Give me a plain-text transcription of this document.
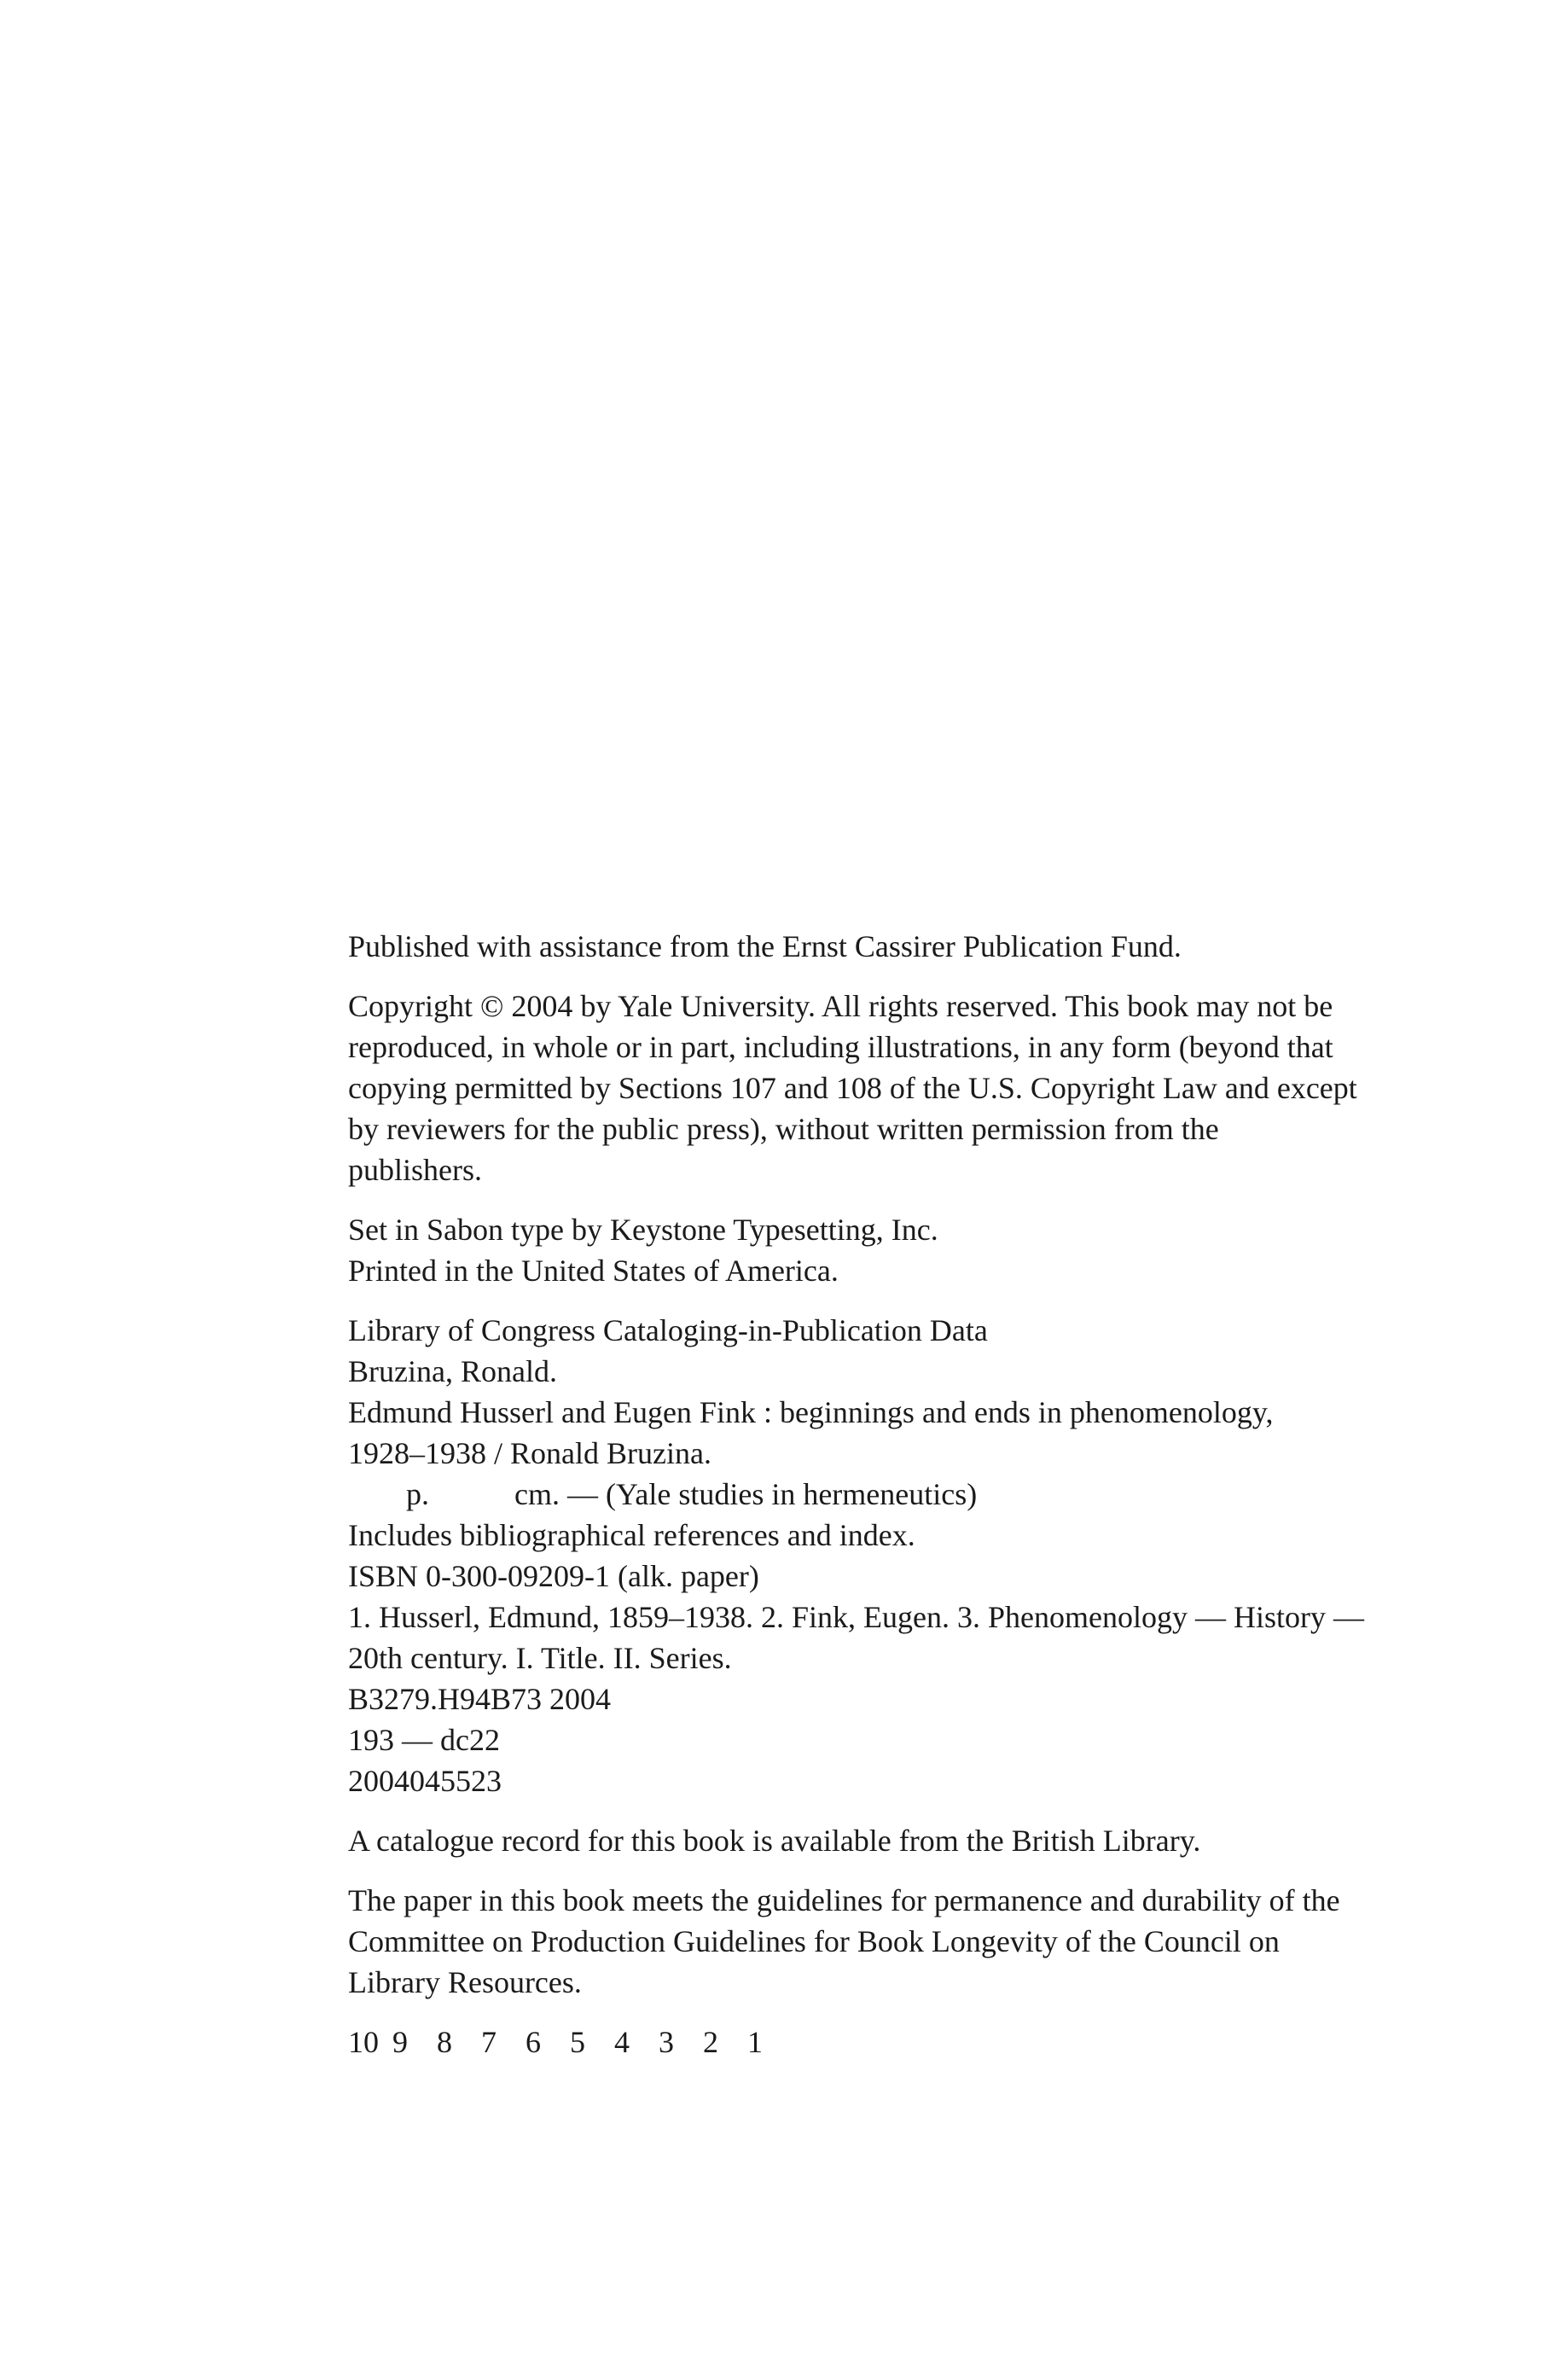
Published with assistance from the Ernst Cassirer Publication Fund.

Copyright © 2004 by Yale University. All rights reserved. This book may not be
reproduced, in whole or in part, including illustrations, in any form (beyond that
copying permitted by Sections 107 and 108 of the U.S. Copyright Law and except
by reviewers for the public press), without written permission from the
publishers.

Set in Sabon type by Keystone Typesetting, Inc.
Printed in the United States of America.

Library of Congress Cataloging-in-Publication Data
Bruzina, Ronald.
Edmund Husserl and Eugen Fink : beginnings and ends in phenomenology,
1928–1938 / Ronald Bruzina.
p.	cm. — (Yale studies in hermeneutics)
Includes bibliographical references and index.
ISBN 0-300-09209-1 (alk. paper)
1. Husserl, Edmund, 1859–1938. 2. Fink, Eugen. 3. Phenomenology — History —
20th century. I. Title. II. Series.
B3279.H94B73 2004
193 — dc22
2004045523

A catalogue record for this book is available from the British Library.

The paper in this book meets the guidelines for permanence and durability of the
Committee on Production Guidelines for Book Longevity of the Council on
Library Resources.

10 9 8 7 6 5 4 3 2 1
